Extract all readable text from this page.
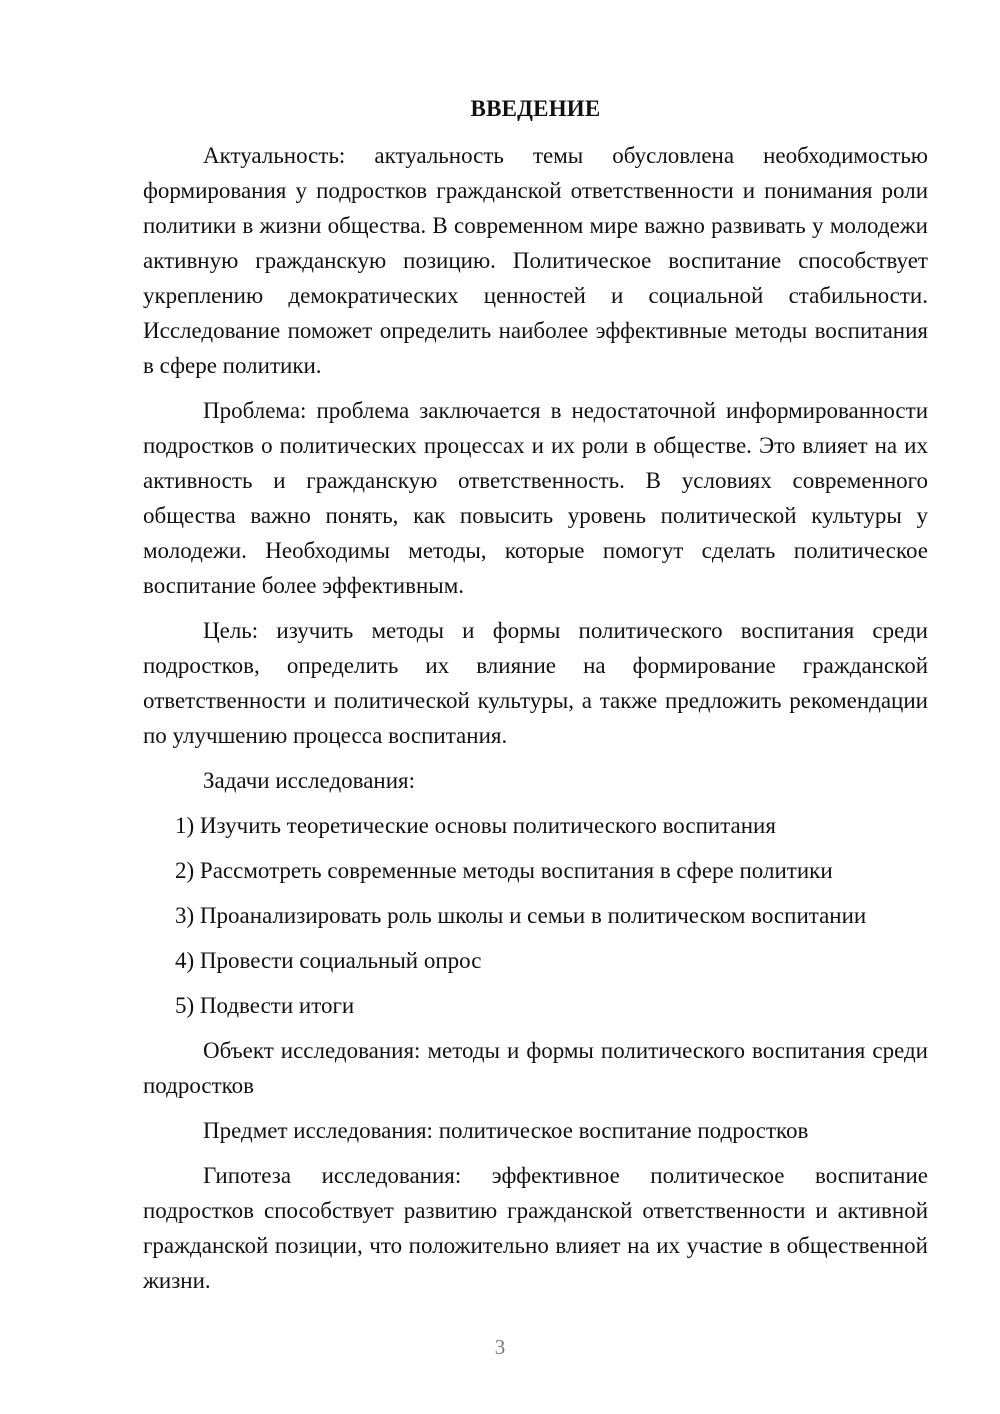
ВВЕДЕНИЕ

Актуальность: актуальность темы обусловлена необходимостью формирования у подростков гражданской ответственности и понимания роли политики в жизни общества. В современном мире важно развивать у молодежи активную гражданскую позицию. Политическое воспитание способствует укреплению демократических ценностей и социальной стабильности. Исследование поможет определить наиболее эффективные методы воспитания в сфере политики.

Проблема: проблема заключается в недостаточной информированности подростков о политических процессах и их роли в обществе. Это влияет на их активность и гражданскую ответственность. В условиях современного общества важно понять, как повысить уровень политической культуры у молодежи. Необходимы методы, которые помогут сделать политическое воспитание более эффективным.

Цель: изучить методы и формы политического воспитания среди подростков, определить их влияние на формирование гражданской ответственности и политической культуры, а также предложить рекомендации по улучшению процесса воспитания.

Задачи исследования:

1) Изучить теоретические основы политического воспитания
2) Рассмотреть современные методы воспитания в сфере политики
3) Проанализировать роль школы и семьи в политическом воспитании
4) Провести социальный опрос
5) Подвести итоги

Объект исследования: методы и формы политического воспитания среди подростков

Предмет исследования: политическое воспитание подростков

Гипотеза исследования: эффективное политическое воспитание подростков способствует развитию гражданской ответственности и активной гражданской позиции, что положительно влияет на их участие в общественной жизни.

3
